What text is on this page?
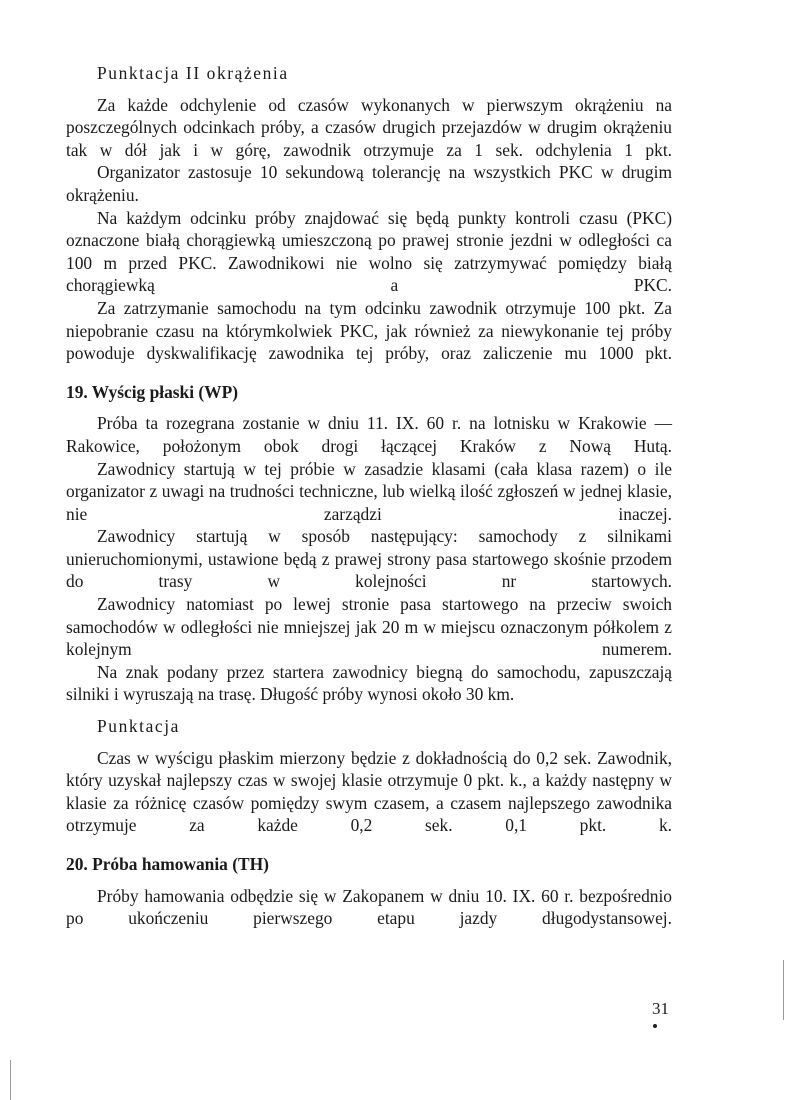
Punktacja II okrążenia

Za każde odchylenie od czasów wykonanych w pierwszym okrążeniu na poszczególnych odcinkach próby, a czasów drugich przejazdów w drugim okrążeniu tak w dół jak i w górę, zawodnik otrzymuje za 1 sek. odchylenia 1 pkt.

Organizator zastosuje 10 sekundową tolerancję na wszystkich PKC w drugim okrążeniu.

Na każdym odcinku próby znajdować się będą punkty kontroli czasu (PKC) oznaczone białą chorągiewką umieszczoną po prawej stronie jezdni w odległości ca 100 m przed PKC. Zawodnikowi nie wolno się zatrzymywać pomiędzy białą chorągiewką a PKC.

Za zatrzymanie samochodu na tym odcinku zawodnik otrzymuje 100 pkt. Za niepobranie czasu na którymkolwiek PKC, jak również za niewykonanie tej próby powoduje dyskwalifikację zawodnika tej próby, oraz zaliczenie mu 1000 pkt.

19. Wyścig płaski (WP)

Próba ta rozegrana zostanie w dniu 11. IX. 60 r. na lotnisku w Krakowie — Rakowice, położonym obok drogi łączącej Kraków z Nową Hutą.

Zawodnicy startują w tej próbie w zasadzie klasami (cała klasa razem) o ile organizator z uwagi na trudności techniczne, lub wielką ilość zgłoszeń w jednej klasie, nie zarządzi inaczej.

Zawodnicy startują w sposób następujący: samochody z silnikami unieruchomionymi, ustawione będą z prawej strony pasa startowego skośnie przodem do trasy w kolejności nr startowych.

Zawodnicy natomiast po lewej stronie pasa startowego na przeciw swoich samochodów w odległości nie mniejszej jak 20 m w miejscu oznaczonym półkolem z kolejnym numerem.

Na znak podany przez startera zawodnicy biegną do samochodu, zapuszczają silniki i wyruszają na trasę. Długość próby wynosi około 30 km.

Punktacja

Czas w wyścigu płaskim mierzony będzie z dokładnością do 0,2 sek. Zawodnik, który uzyskał najlepszy czas w swojej klasie otrzymuje 0 pkt. k., a każdy następny w klasie za różnicę czasów pomiędzy swym czasem, a czasem najlepszego zawodnika otrzymuje za każde 0,2 sek. 0,1 pkt. k.

20. Próba hamowania (TH)

Próby hamowania odbędzie się w Zakopanem w dniu 10. IX. 60 r. bezpośrednio po ukończeniu pierwszego etapu jazdy długodystansowej.

31
